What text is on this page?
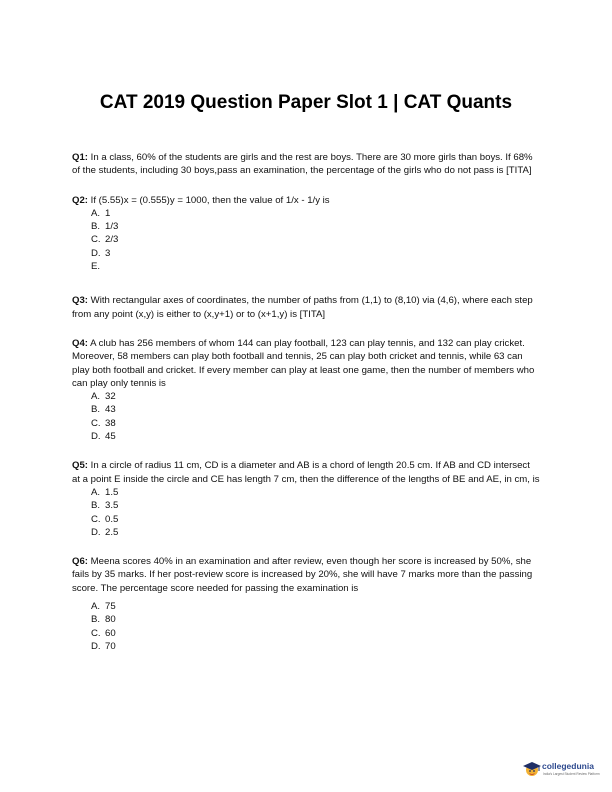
CAT 2019 Question Paper Slot 1 | CAT Quants

Q1: In a class, 60% of the students are girls and the rest are boys. There are 30 more girls than boys. If 68% of the students, including 30 boys,pass an examination, the percentage of the girls who do not pass is [TITA]

Q2: If (5.55)x = (0.555)y = 1000, then the value of 1/x - 1/y is

A. 1
B. 1/3
C. 2/3
D. 3
E.

Q3: With rectangular axes of coordinates, the number of paths from (1,1) to (8,10) via (4,6), where each step from any point (x,y) is either to (x,y+1) or to (x+1,y) is [TITA]

Q4: A club has 256 members of whom 144 can play football, 123 can play tennis, and 132 can play cricket. Moreover, 58 members can play both football and tennis, 25 can play both cricket and tennis, while 63 can play both football and cricket. If every member can play at least one game, then the number of members who can play only tennis is

A. 32
B. 43
C. 38
D. 45

Q5: In a circle of radius 11 cm, CD is a diameter and AB is a chord of length 20.5 cm. If AB and CD intersect at a point E inside the circle and CE has length 7 cm, then the difference of the lengths of BE and AE, in cm, is

A. 1.5
B. 3.5
C. 0.5
D. 2.5

Q6: Meena scores 40% in an examination and after review, even though her score is increased by 50%, she fails by 35 marks. If her post-review score is increased by 20%, she will have 7 marks more than the passing score. The percentage score needed for passing the examination is

A. 75
B. 80
C. 60
D. 70
collegedunia
India's Largest Student Review Platform
